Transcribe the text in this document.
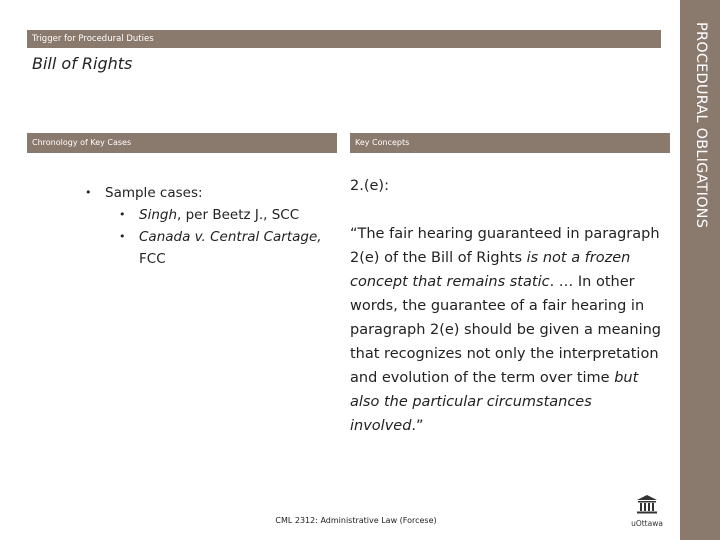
Trigger for Procedural Duties
Bill of Rights
Chronology of Key Cases	Key Concepts	PROCEDURAL OBLIGATIONS
• Sample cases:
• Singh, per Beetz J., SCC
• Canada v. Central Cartage, FCC
2.(e):
“The fair hearing guaranteed in paragraph 2(e) of the Bill of Rights is not a frozen concept that remains static. … In other words, the guarantee of a fair hearing in paragraph 2(e) should be given a meaning that recognizes not only the interpretation and evolution of the term over time but also the particular circumstances involved.”
CML 2312: Administrative Law (Forcese)	uOttawa
